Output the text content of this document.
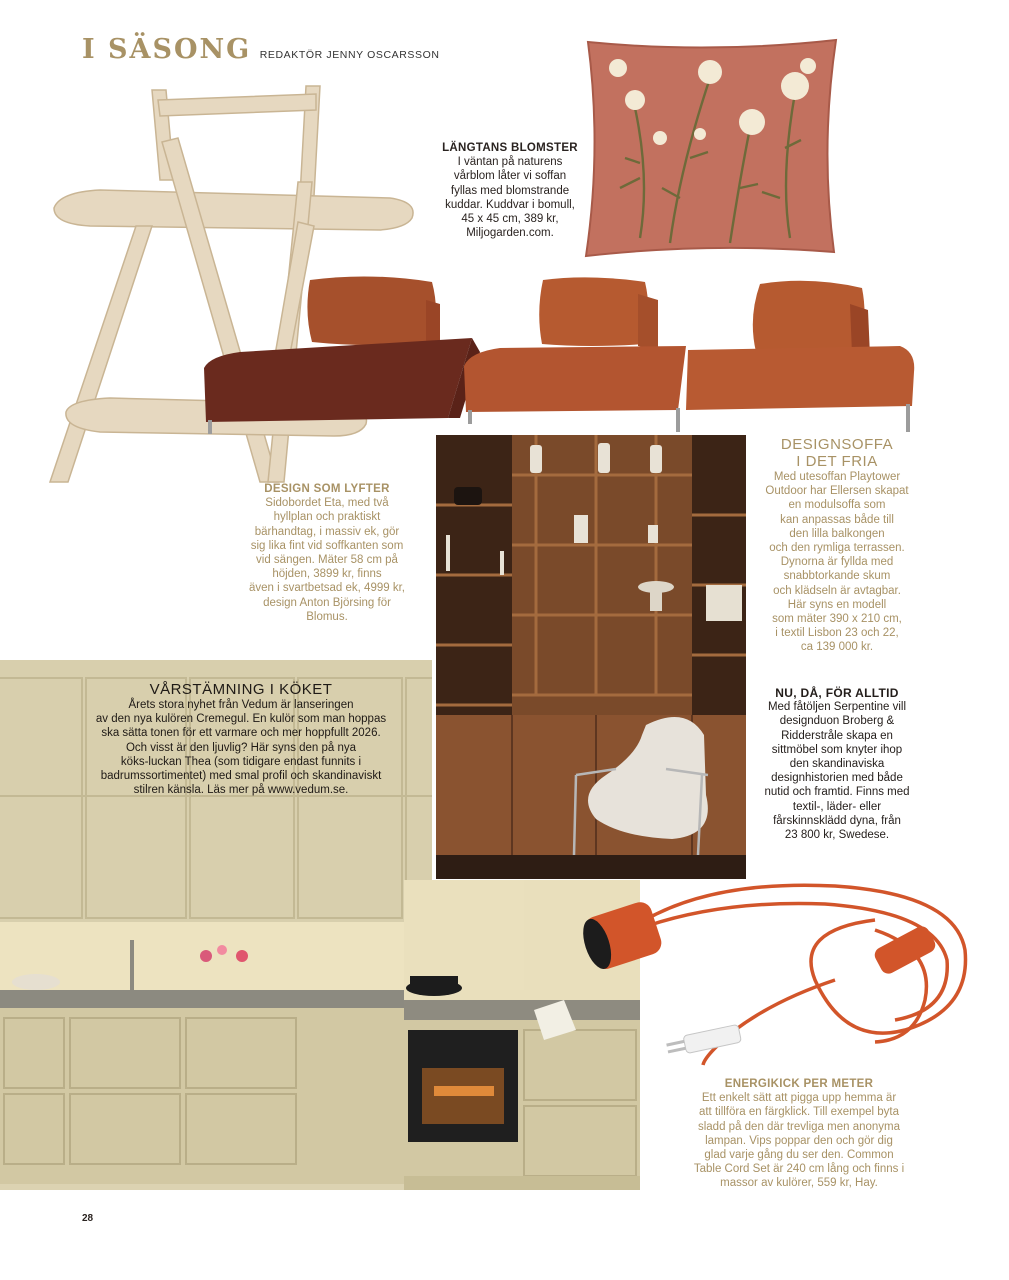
I SÄSONG REDAKTÖR JENNY OSCARSSON

LÄNGTANS BLOMSTER

I väntan på naturens

vårblom låter vi soffan

fyllas med blomstrande

kuddar. Kuddvar i bomull,

45 x 45 cm, 389 kr,

Miljogarden.com.

DESIGN SOM LYFTER

Sidobordet Eta, med två

hyllplan och praktiskt

bärhandtag, i massiv ek, gör

sig lika fint vid soffkanten som

vid sängen. Mäter 58 cm på

höjden, 3899 kr, finns

även i svartbetsad ek, 4999 kr,

design Anton Björsing för

Blomus.

DESIGNSOFFA

I DET FRIA

Med utesoffan Playtower

Outdoor har Ellersen skapat

en modulsoffa som

kan anpassas både till

den lilla balkongen

och den rymliga terrassen.

Dynorna är fyllda med

snabbtorkande skum

och klädseln är avtagbar.

Här syns en modell

som mäter 390 x 210 cm,

i textil Lisbon 23 och 22,

ca 139 000 kr.

NU, DÅ, FÖR ALLTID

Med fåtöljen Serpentine vill

designduon Broberg &

Ridderstråle skapa en

sittmöbel som knyter ihop

den skandinaviska

designhistorien med både

nutid och framtid. Finns med

textil-, läder- eller

fårskinnsklädd dyna, från

23 800 kr, Swedese.

VÅRSTÄMNING I KÖKET

Årets stora nyhet från Vedum är lanseringen

av den nya kulören Cremegul. En kulör som man hoppas

ska sätta tonen för ett varmare och mer hoppfullt 2026.

Och visst är den ljuvlig? Här syns den på nya

köks-luckan Thea (som tidigare endast funnits i

badrumssortimentet) med smal profil och skandinaviskt

stilren känsla. Läs mer på www.vedum.se.

ENERGIKICK PER METER

Ett enkelt sätt att pigga upp hemma är

att tillföra en färgklick. Till exempel byta

sladd på den där trevliga men anonyma

lampan. Vips poppar den och gör dig

glad varje gång du ser den. Common

Table Cord Set är 240 cm lång och finns i

massor av kulörer, 559 kr, Hay.

28
